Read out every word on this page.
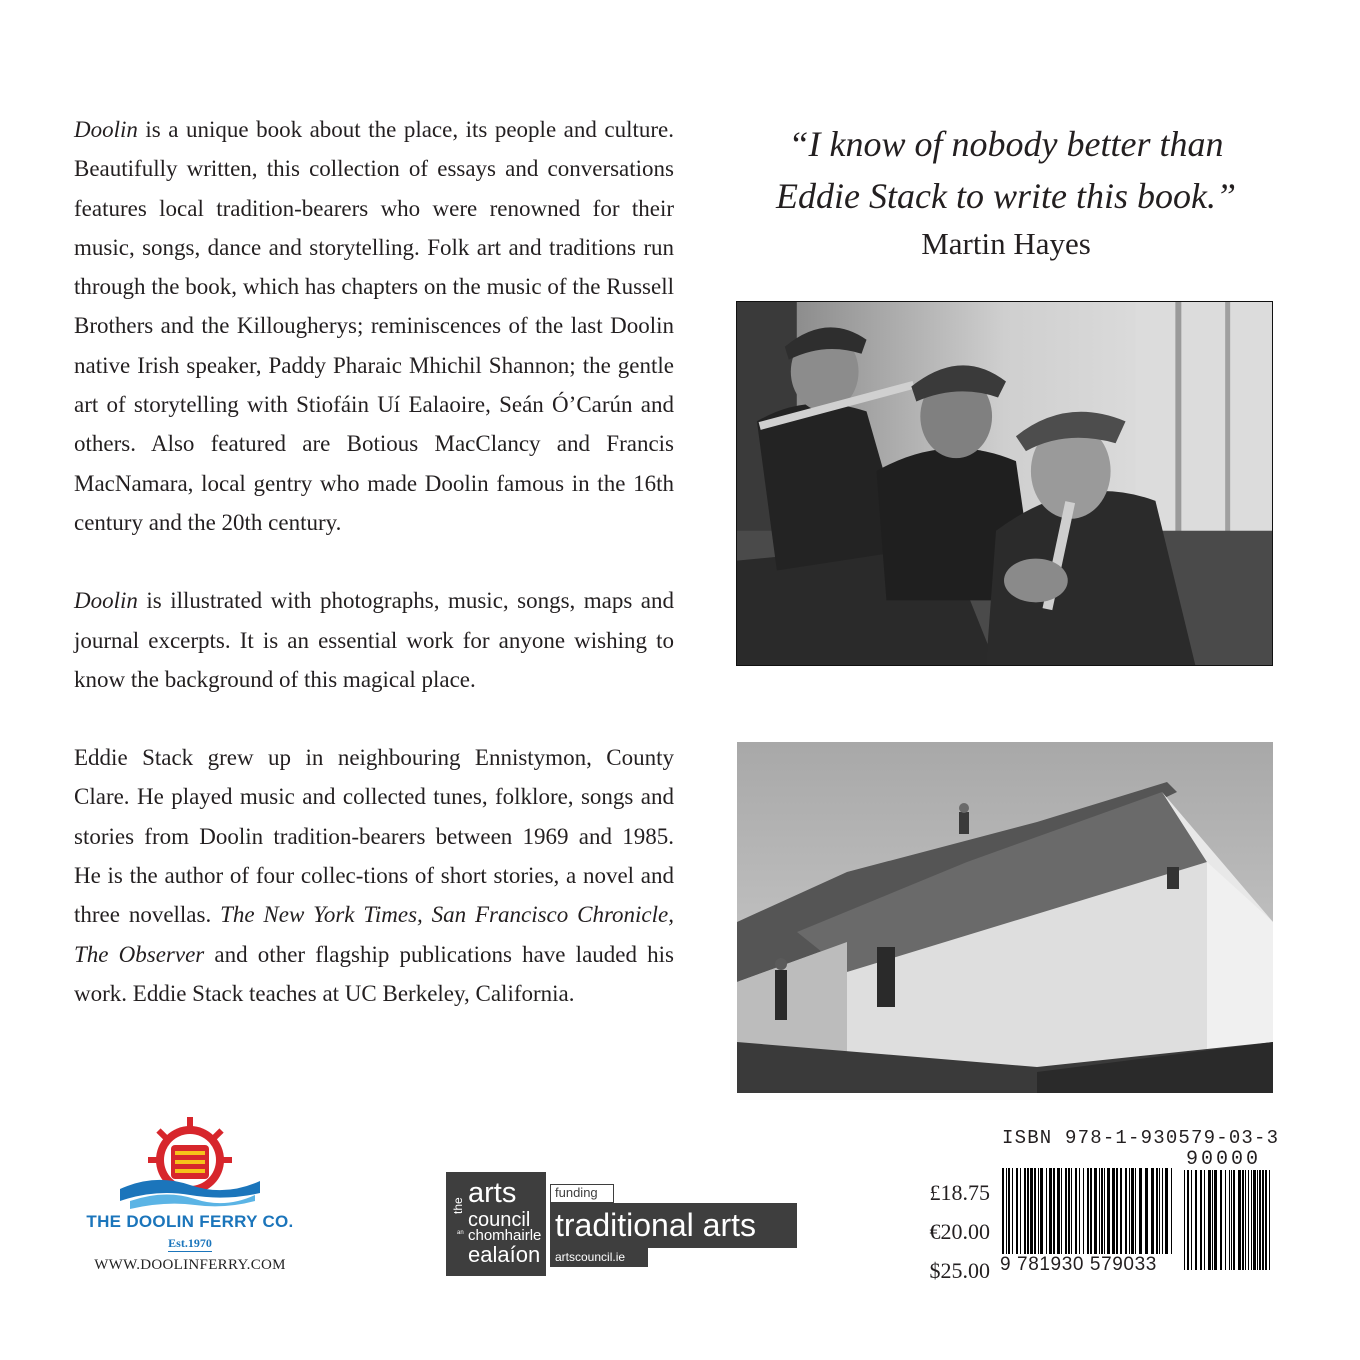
Doolin is a unique book about the place, its people and culture. Beautifully written, this collection of essays and conversations features local tradition-bearers who were renowned for their music, songs, dance and storytelling. Folk art and traditions run through the book, which has chapters on the music of the Russell Brothers and the Killougherys; reminiscences of the last Doolin native Irish speaker, Paddy Pharaic Mhichil Shannon; the gentle art of storytelling with Stiofáin Uí Ealaoire, Seán Ó’Carún and others. Also featured are Botious MacClancy and Francis MacNamara, local gentry who made Doolin famous in the 16th century and the 20th century.

Doolin is illustrated with photographs, music, songs, maps and journal excerpts. It is an essential work for anyone wishing to know the background of this magical place.

Eddie Stack grew up in neighbouring Ennistymon, County Clare. He played music and collected tunes, folklore, songs and stories from Doolin tradition-bearers between 1969 and 1985. He is the author of four collec-tions of short stories, a novel and three novellas. The New York Times, San Francisco Chronicle, The Observer and other flagship publications have lauded his work. Eddie Stack teaches at UC Berkeley, California.

“I know of nobody better than
Eddie Stack to write this book.”
Martin Hayes
THE DOOLIN FERRY CO.
Est.1970
WWW.DOOLINFERRY.COM
the arts
council
an chomhairle
ealaíon
funding
traditional arts
artscouncil.ie
£18.75
€20.00
$25.00
ISBN 978-1-930579-03-3
90000
9 781930 579033
